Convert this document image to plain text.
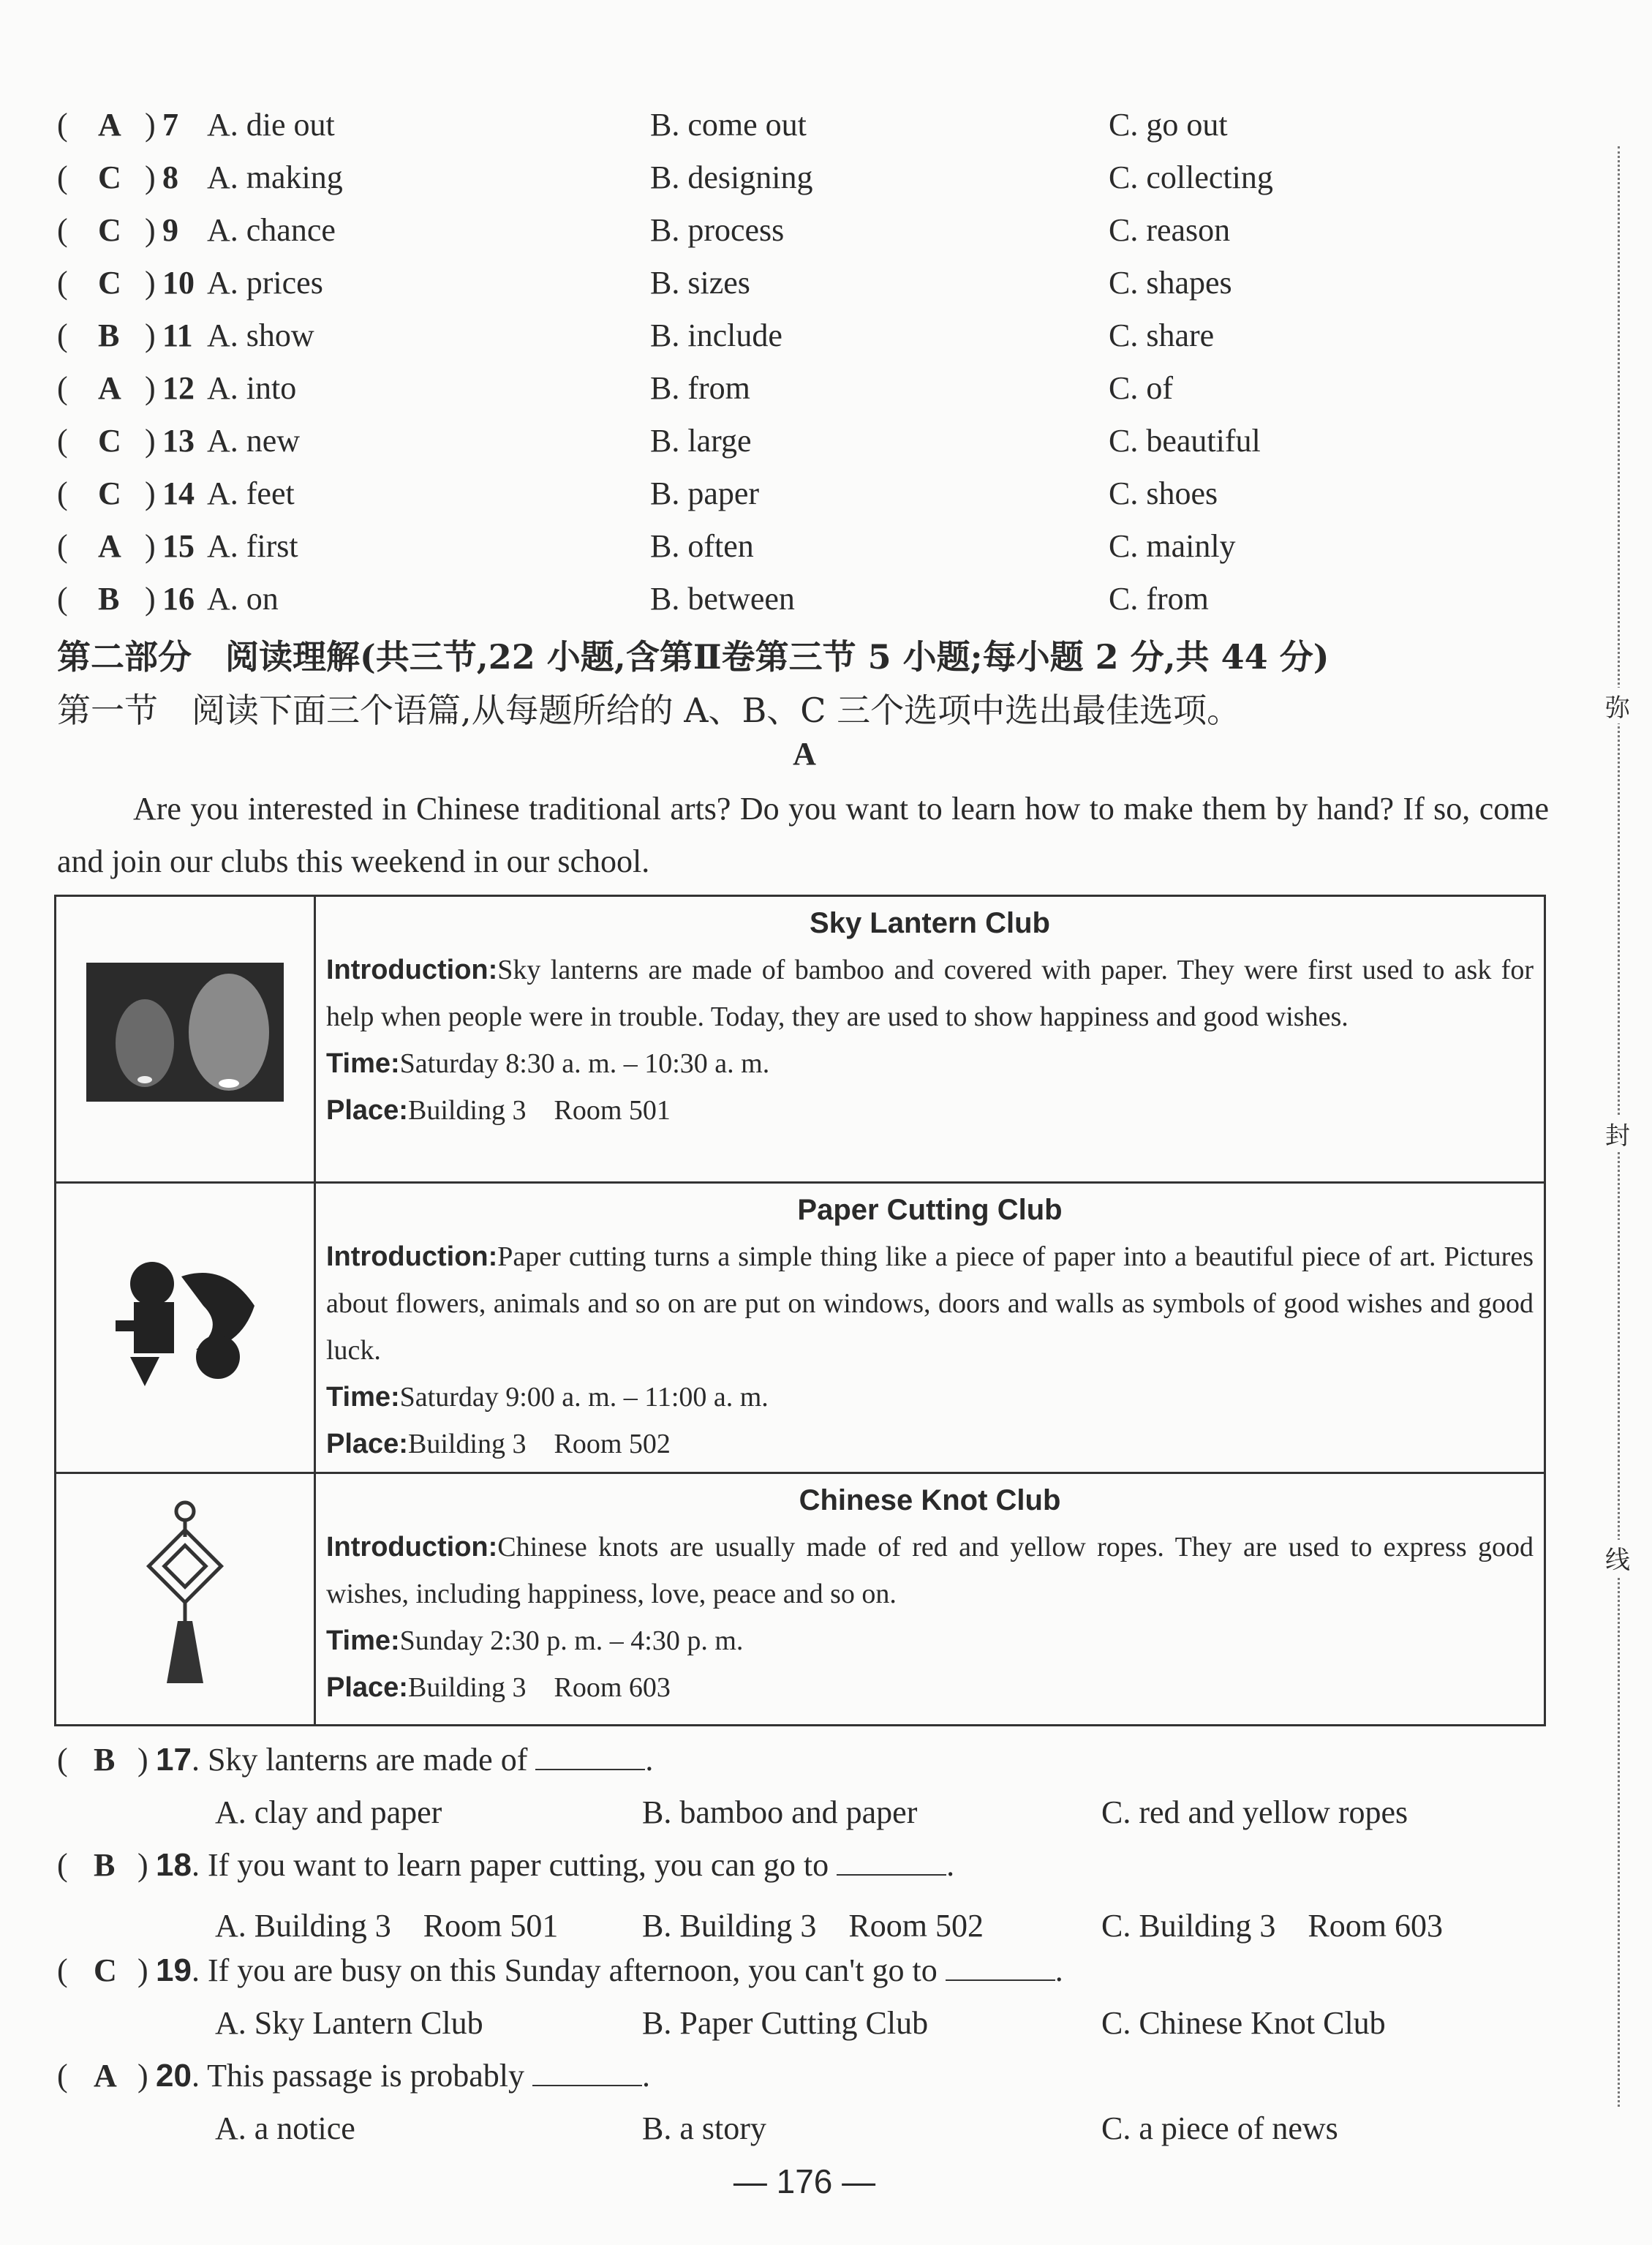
( A ) 7 A. die out	B. come out	C. go out
( C ) 8 A. making	B. designing	C. collecting
( C ) 9 A. chance	B. process	C. reason
( C ) 10 A. prices	B. sizes	C. shapes
( B ) 11 A. show	B. include	C. share
( A ) 12 A. into	B. from	C. of
( C ) 13 A. new	B. large	C. beautiful
( C ) 14 A. feet	B. paper	C. shoes
( A ) 15 A. first	B. often	C. mainly
( B ) 16 A. on	B. between	C. from
第二部分　阅读理解(共三节,22 小题,含第Ⅱ卷第三节 5 小题;每小题 2 分,共 44 分)
第一节　阅读下面三个语篇,从每题所给的 A、B、C 三个选项中选出最佳选项。
A
Are you interested in Chinese traditional arts? Do you want to learn how to make them by hand? If so, come and join our clubs this weekend in our school.

Sky Lantern Club
Introduction:Sky lanterns are made of bamboo and covered with paper. They were first used to ask for help when people were in trouble. Today, they are used to show happiness and good wishes.
Time:Saturday 8:30 a. m. – 10:30 a. m.
Place:Building 3　Room 501

Paper Cutting Club
Introduction:Paper cutting turns a simple thing like a piece of paper into a beautiful piece of art. Pictures about flowers, animals and so on are put on windows, doors and walls as symbols of good wishes and good luck.
Time:Saturday 9:00 a. m. – 11:00 a. m.
Place:Building 3　Room 502

Chinese Knot Club
Introduction:Chinese knots are usually made of red and yellow ropes. They are used to express good wishes, including happiness, love, peace and so on.
Time:Sunday 2:30 p. m. – 4:30 p. m.
Place:Building 3　Room 603
( B ) 17. Sky lanterns are made of	.
A. clay and paper	B. bamboo and paper	C. red and yellow ropes
( B ) 18. If you want to learn paper cutting, you can go to	.
A. Building 3　Room 501	B. Building 3　Room 502	C. Building 3　Room 603
( C ) 19. If you are busy on this Sunday afternoon, you can't go to	.
A. Sky Lantern Club	B. Paper Cutting Club	C. Chinese Knot Club
( A ) 20. This passage is probably	.
A. a notice	B. a story	C. a piece of news
— 176 —
弥
封
线
